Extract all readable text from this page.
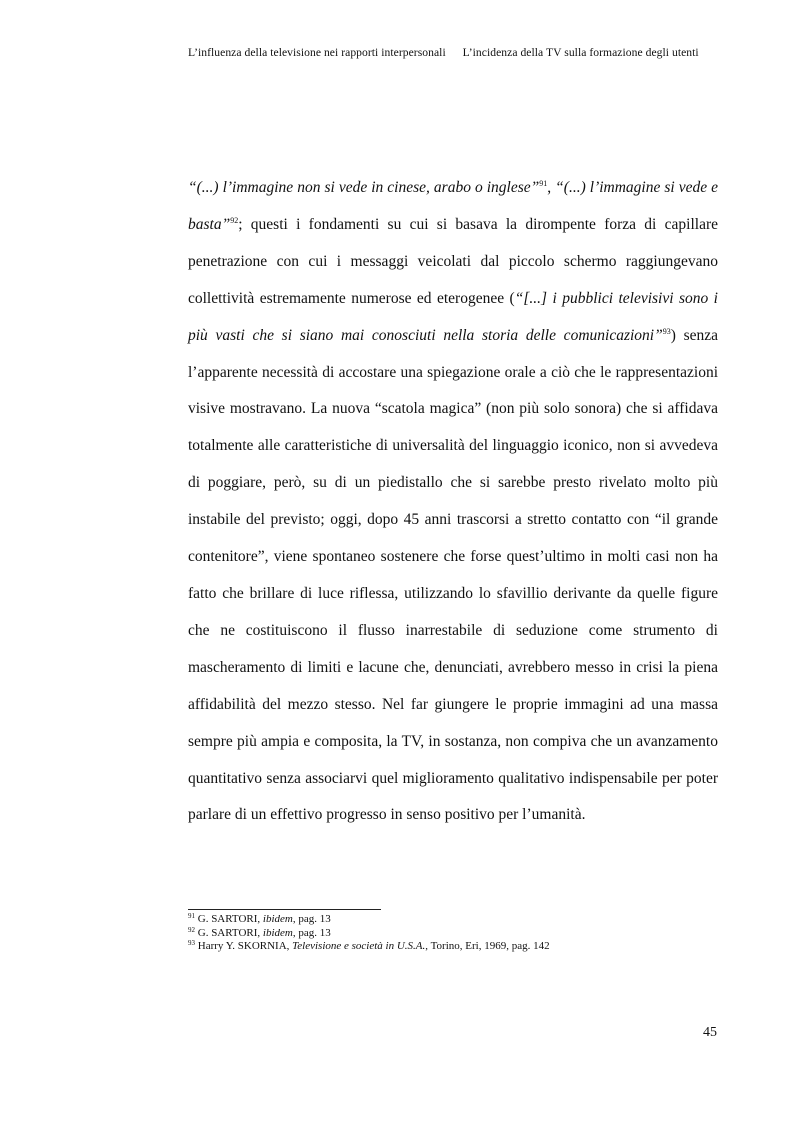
L’influenza della televisione nei rapporti interpersonali L’incidenza della TV sulla formazione degli utenti

“(...) l’immagine non si vede in cinese, arabo o inglese”$^{91}$, “(...) l’immagine si vede e basta”$^{92}$; questi i fondamenti su cui si basava la dirompente forza di capillare penetrazione con cui i messaggi veicolati dal piccolo schermo raggiungevano collettività estremamente numerose ed eterogenee (“[...] i pubblici televisivi sono i più vasti che si siano mai conosciuti nella storia delle comunicazioni”$^{93}$) senza l’apparente necessità di accostare una spiegazione orale a ciò che le rappresentazioni visive mostravano. La nuova “scatola magica” (non più solo sonora) che si affidava totalmente alle caratteristiche di universalità del linguaggio iconico, non si avvedeva di poggiare, però, su di un piedistallo che si sarebbe presto rivelato molto più instabile del previsto; oggi, dopo 45 anni trascorsi a stretto contatto con “il grande contenitore”, viene spontaneo sostenere che forse quest’ultimo in molti casi non ha fatto che brillare di luce riflessa, utilizzando lo sfavillio derivante da quelle figure che ne costituiscono il flusso inarrestabile di seduzione come strumento di mascheramento di limiti e lacune che, denunciati, avrebbero messo in crisi la piena affidabilità del mezzo stesso. Nel far giungere le proprie immagini ad una massa sempre più ampia e composita, la TV, in sostanza, non compiva che un avanzamento quantitativo senza associarvi quel miglioramento qualitativo indispensabile per poter parlare di un effettivo progresso in senso positivo per l’umanità.

$^{91}$ G. SARTORI, ibidem, pag. 13
$^{92}$ G. SARTORI, ibidem, pag. 13
$^{93}$ Harry Y. SKORNIA, Televisione e società in U.S.A., Torino, Eri, 1969, pag. 142
45
